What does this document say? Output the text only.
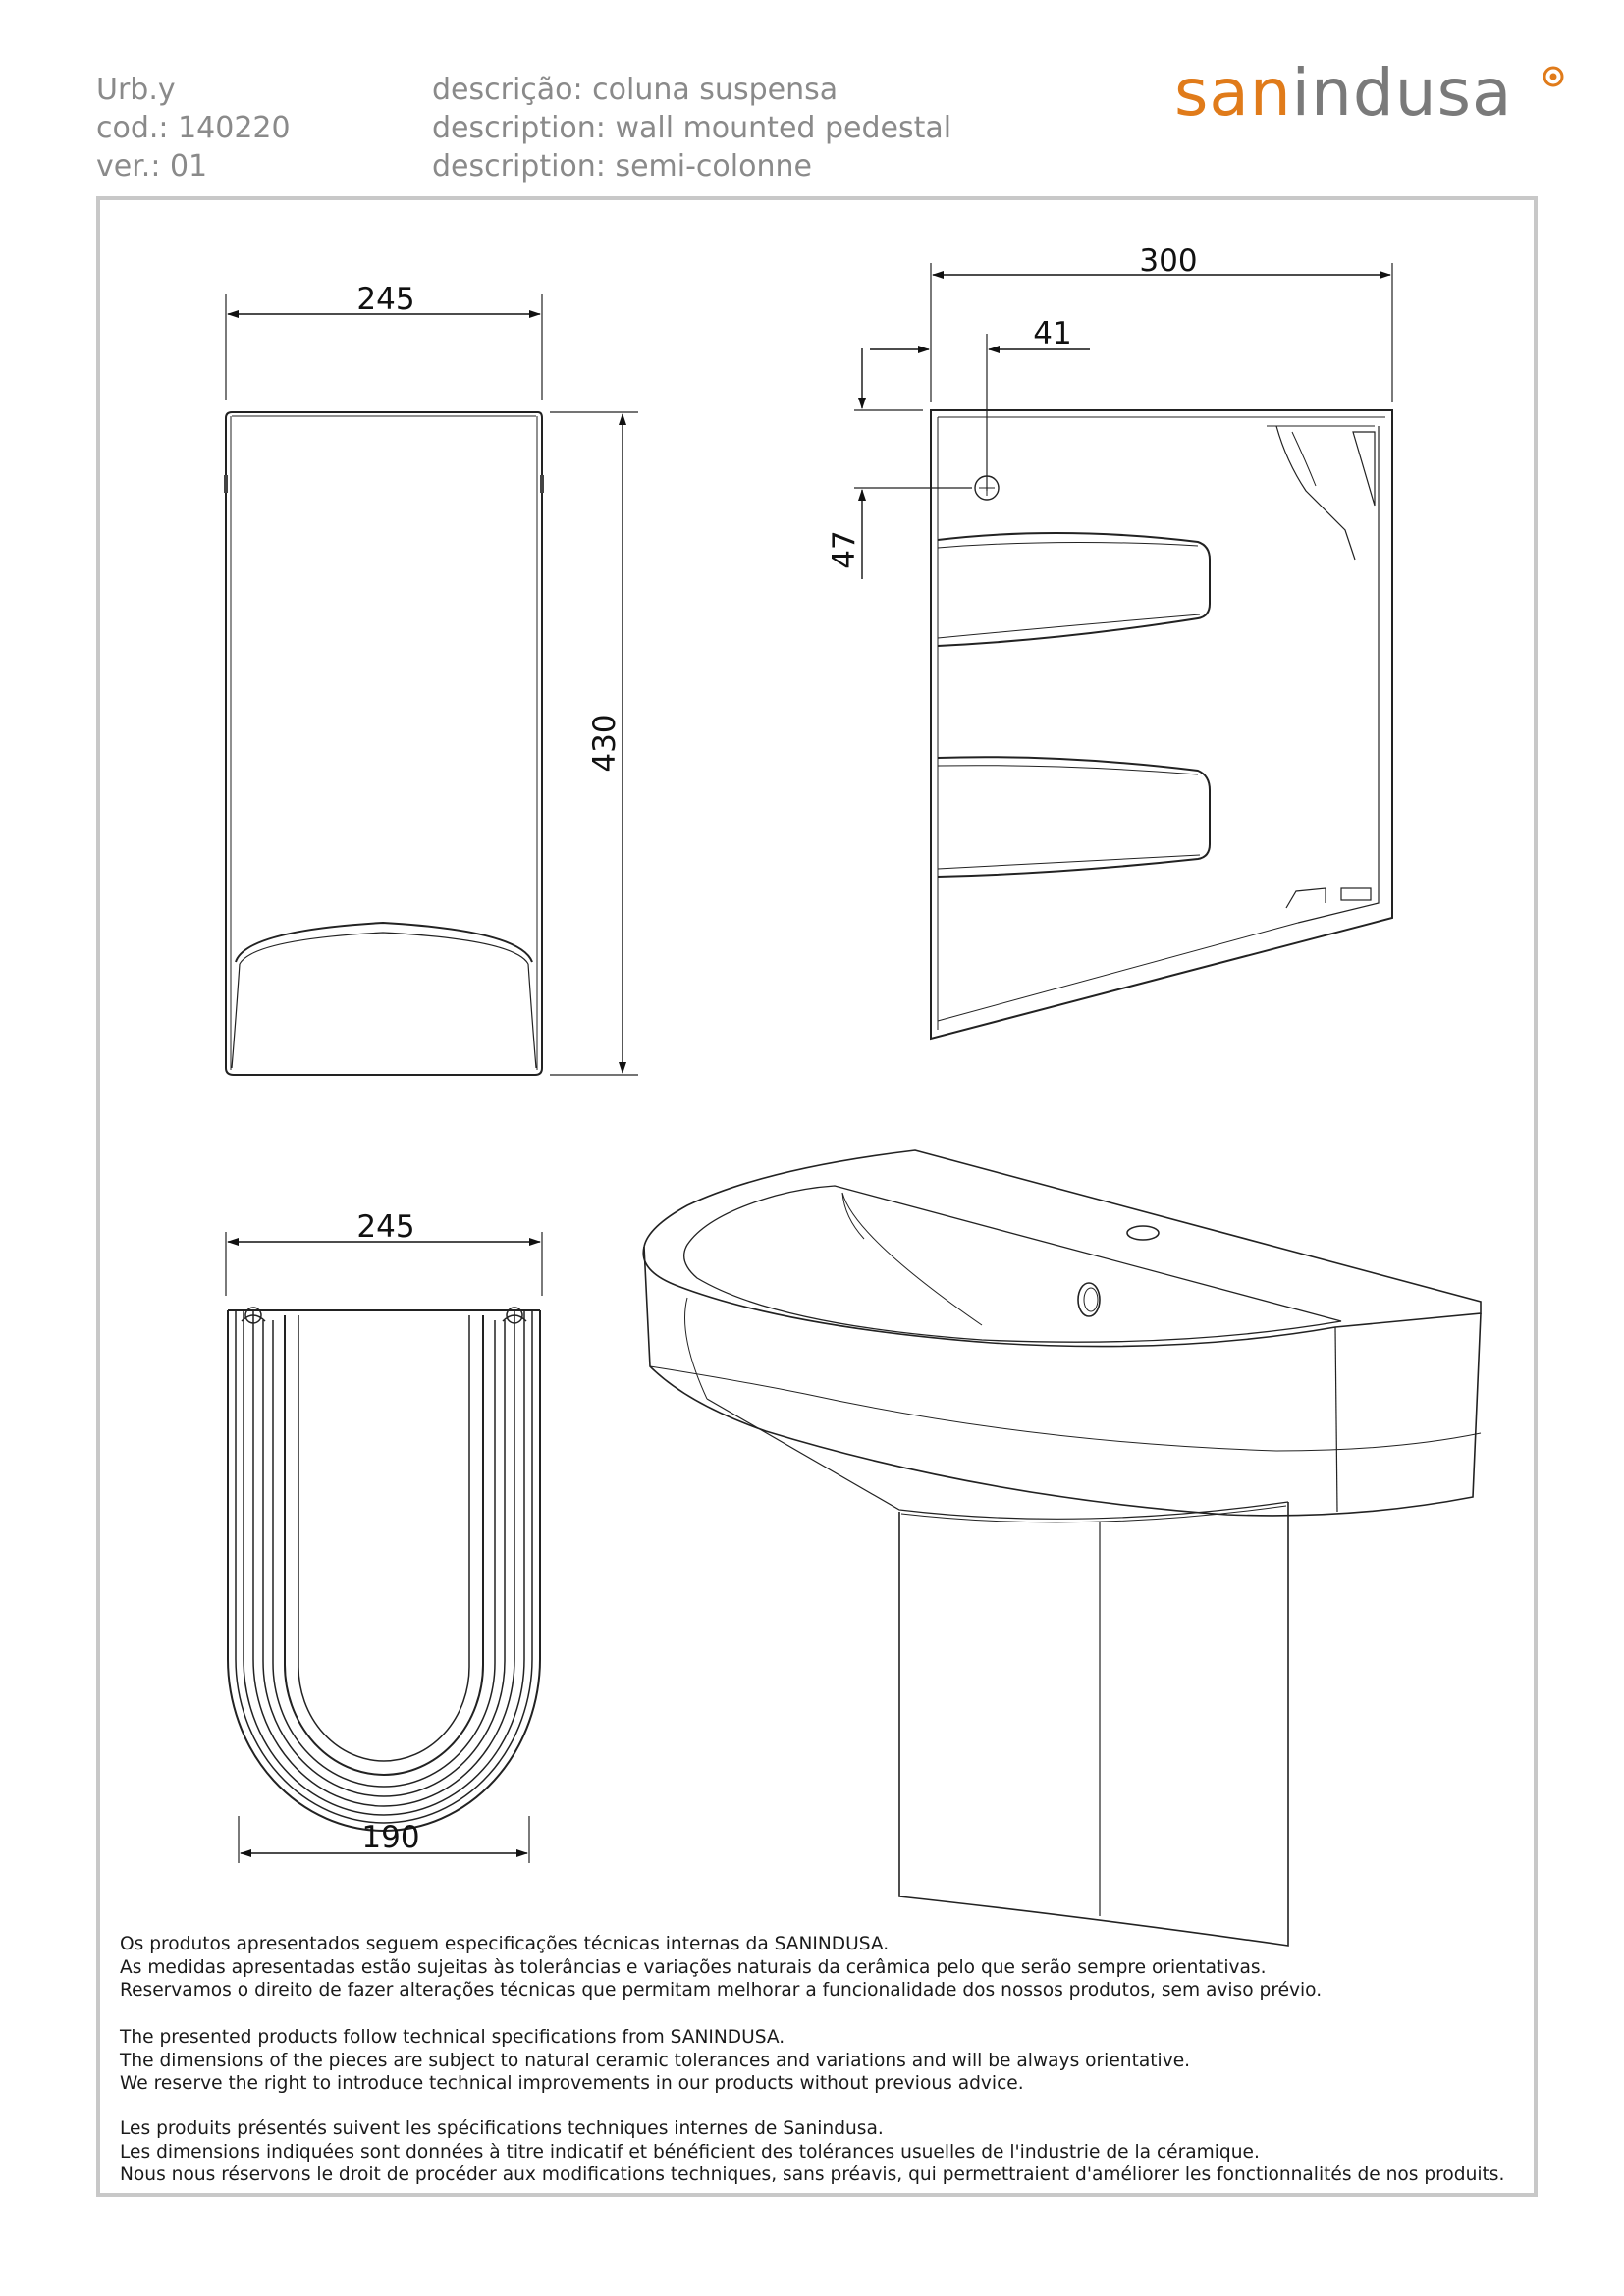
Urb.y
cod.: 140220
ver.: 01
descrição: coluna suspensa
description: wall mounted pedestal
description: semi-colonne
sanindusa
245
430
300
41
47
245
190
Os produtos apresentados seguem especificações técnicas internas da SANINDUSA.
As medidas apresentadas estão sujeitas às tolerâncias e variações naturais da cerâmica pelo que serão sempre orientativas.
Reservamos o direito de fazer alterações técnicas que permitam melhorar a funcionalidade dos nossos produtos, sem aviso prévio.
The presented products follow technical specifications from SANINDUSA.
The dimensions of the pieces are subject to natural ceramic tolerances and variations and will be always orientative.
We reserve the right to introduce technical improvements in our products without previous advice.
Les produits présentés suivent les spécifications techniques internes de Sanindusa.
Les dimensions indiquées sont données à titre indicatif et bénéficient des tolérances usuelles de l'industrie de la céramique.
Nous nous réservons le droit de procéder aux modifications techniques, sans préavis, qui permettraient d'améliorer les fonctionnalités de nos produits.
